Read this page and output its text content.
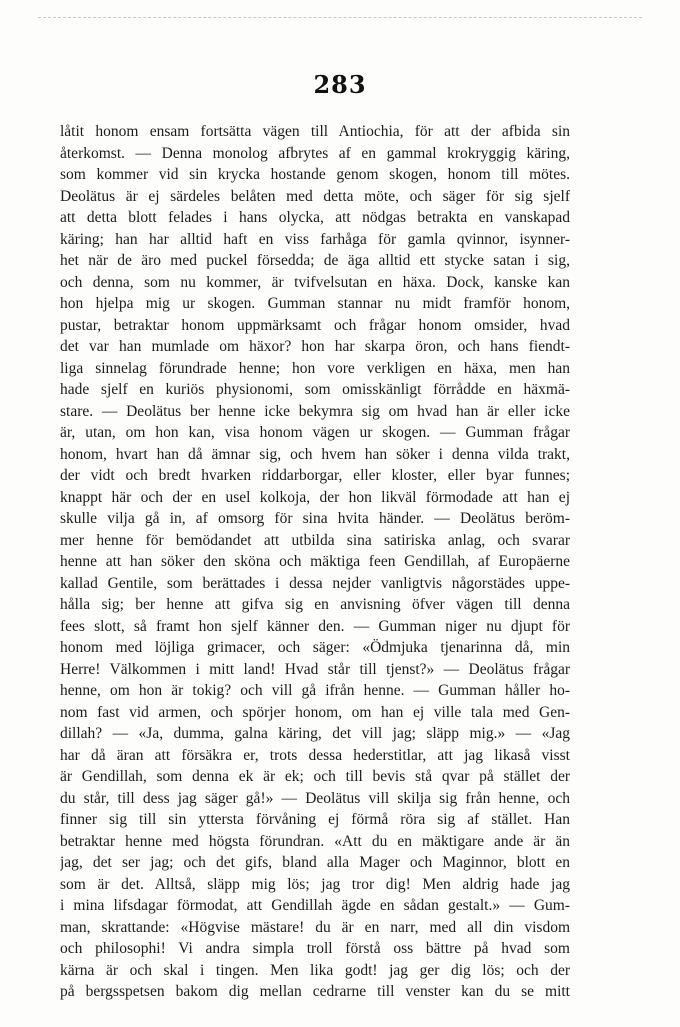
283
låtit honom ensam fortsätta vägen till Antiochia, för att der afbida sin
återkomst. — Denna monolog afbrytes af en gammal krokryggig käring,
som kommer vid sin krycka hostande genom skogen, honom till mötes.
Deolätus är ej särdeles belåten med detta möte, och säger för sig sjelf
att detta blott felades i hans olycka, att nödgas betrakta en vanskapad
käring; han har alltid haft en viss farhåga för gamla qvinnor, isynner-
het när de äro med puckel försedda; de äga alltid ett stycke satan i sig,
och denna, som nu kommer, är tvifvelsutan en häxa. Dock, kanske kan
hon hjelpa mig ur skogen. Gumman stannar nu midt framför honom,
pustar, betraktar honom uppmärksamt och frågar honom omsider, hvad
det var han mumlade om häxor? hon har skarpa öron, och hans fiendt-
liga sinnelag förundrade henne; hon vore verkligen en häxa, men han
hade sjelf en kuriös physionomi, som omisskänligt förrådde en häxmä-
stare. — Deolätus ber henne icke bekymra sig om hvad han är eller icke
är, utan, om hon kan, visa honom vägen ur skogen. — Gumman frågar
honom, hvart han då ämnar sig, och hvem han söker i denna vilda trakt,
der vidt och bredt hvarken riddarborgar, eller kloster, eller byar funnes;
knappt här och der en usel kolkoja, der hon likväl förmodade att han ej
skulle vilja gå in, af omsorg för sina hvita händer. — Deolätus beröm-
mer henne för bemödandet att utbilda sina satiriska anlag, och svarar
henne att han söker den sköna och mäktiga feen Gendillah, af Europäerne
kallad Gentile, som berättades i dessa nejder vanligtvis någorstädes uppe-
hålla sig; ber henne att gifva sig en anvisning öfver vägen till denna
fees slott, så framt hon sjelf känner den. — Gumman niger nu djupt för
honom med löjliga grimacer, och säger: «Ödmjuka tjenarinna då, min
Herre! Välkommen i mitt land! Hvad står till tjenst?» — Deolätus frågar
henne, om hon är tokig? och vill gå ifrån henne. — Gumman håller ho-
nom fast vid armen, och spörjer honom, om han ej ville tala med Gen-
dillah? — «Ja, dumma, galna käring, det vill jag; släpp mig.» — «Jag
har då äran att försäkra er, trots dessa hederstitlar, att jag likaså visst
är Gendillah, som denna ek är ek; och till bevis stå qvar på stället der
du står, till dess jag säger gå!» — Deolätus vill skilja sig från henne, och
finner sig till sin yttersta förvåning ej förmå röra sig af stället. Han
betraktar henne med högsta förundran. «Att du en mäktigare ande är än
jag, det ser jag; och det gifs, bland alla Mager och Maginnor, blott en
som är det. Alltså, släpp mig lös; jag tror dig! Men aldrig hade jag
i mina lifsdagar förmodat, att Gendillah ägde en sådan gestalt.» — Gum-
man, skrattande: «Högvise mästare! du är en narr, med all din visdom
och philosophi! Vi andra simpla troll förstå oss bättre på hvad som
kärna är och skal i tingen. Men lika godt! jag ger dig lös; och der
på bergsspetsen bakom dig mellan cedrarne till venster kan du se mitt
